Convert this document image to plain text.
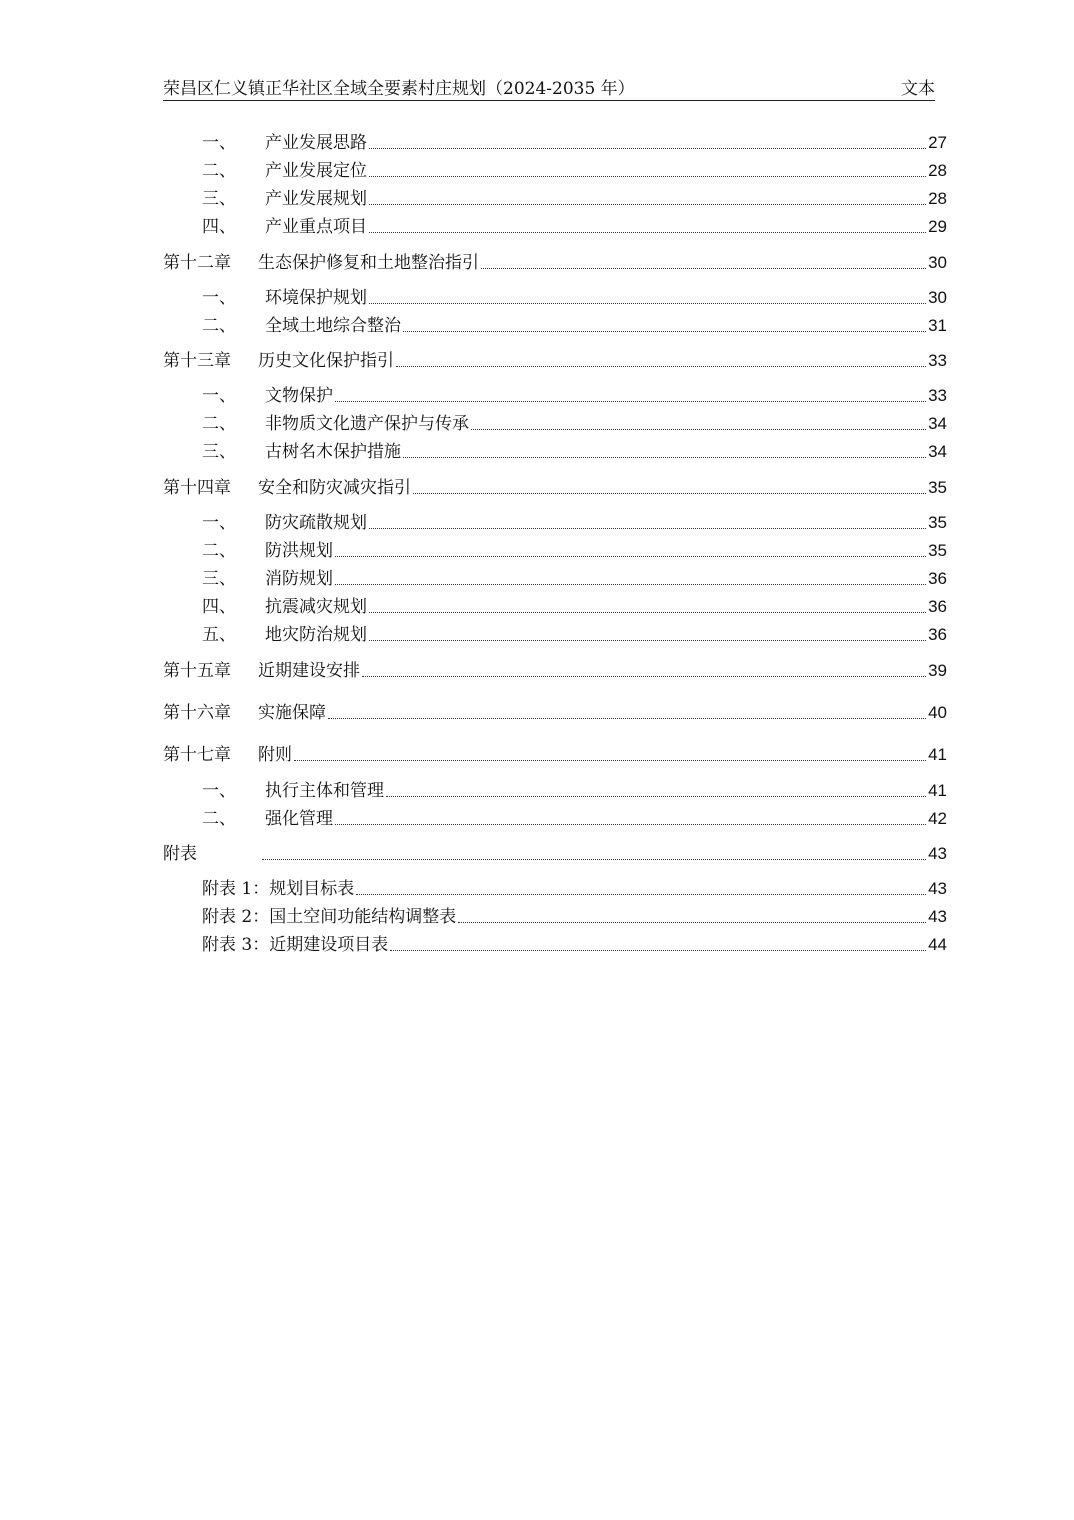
荣昌区仁义镇正华社区全域全要素村庄规划（2024-2035 年）	文本
一、	产业发展思路	27
二、	产业发展定位	28
三、	产业发展规划	28
四、	产业重点项目	29
第十二章	生态保护修复和土地整治指引	30
一、	环境保护规划	30
二、	全域土地综合整治	31
第十三章	历史文化保护指引	33
一、	文物保护	33
二、	非物质文化遗产保护与传承	34
三、	古树名木保护措施	34
第十四章	安全和防灾减灾指引	35
一、	防灾疏散规划	35
二、	防洪规划	35
三、	消防规划	36
四、	抗震减灾规划	36
五、	地灾防治规划	36
第十五章	近期建设安排	39
第十六章	实施保障	40
第十七章	附则	41
一、	执行主体和管理	41
二、	强化管理	42
附表	43
附表 1：规划目标表	43
附表 2：国土空间功能结构调整表	43
附表 3：近期建设项目表	44
